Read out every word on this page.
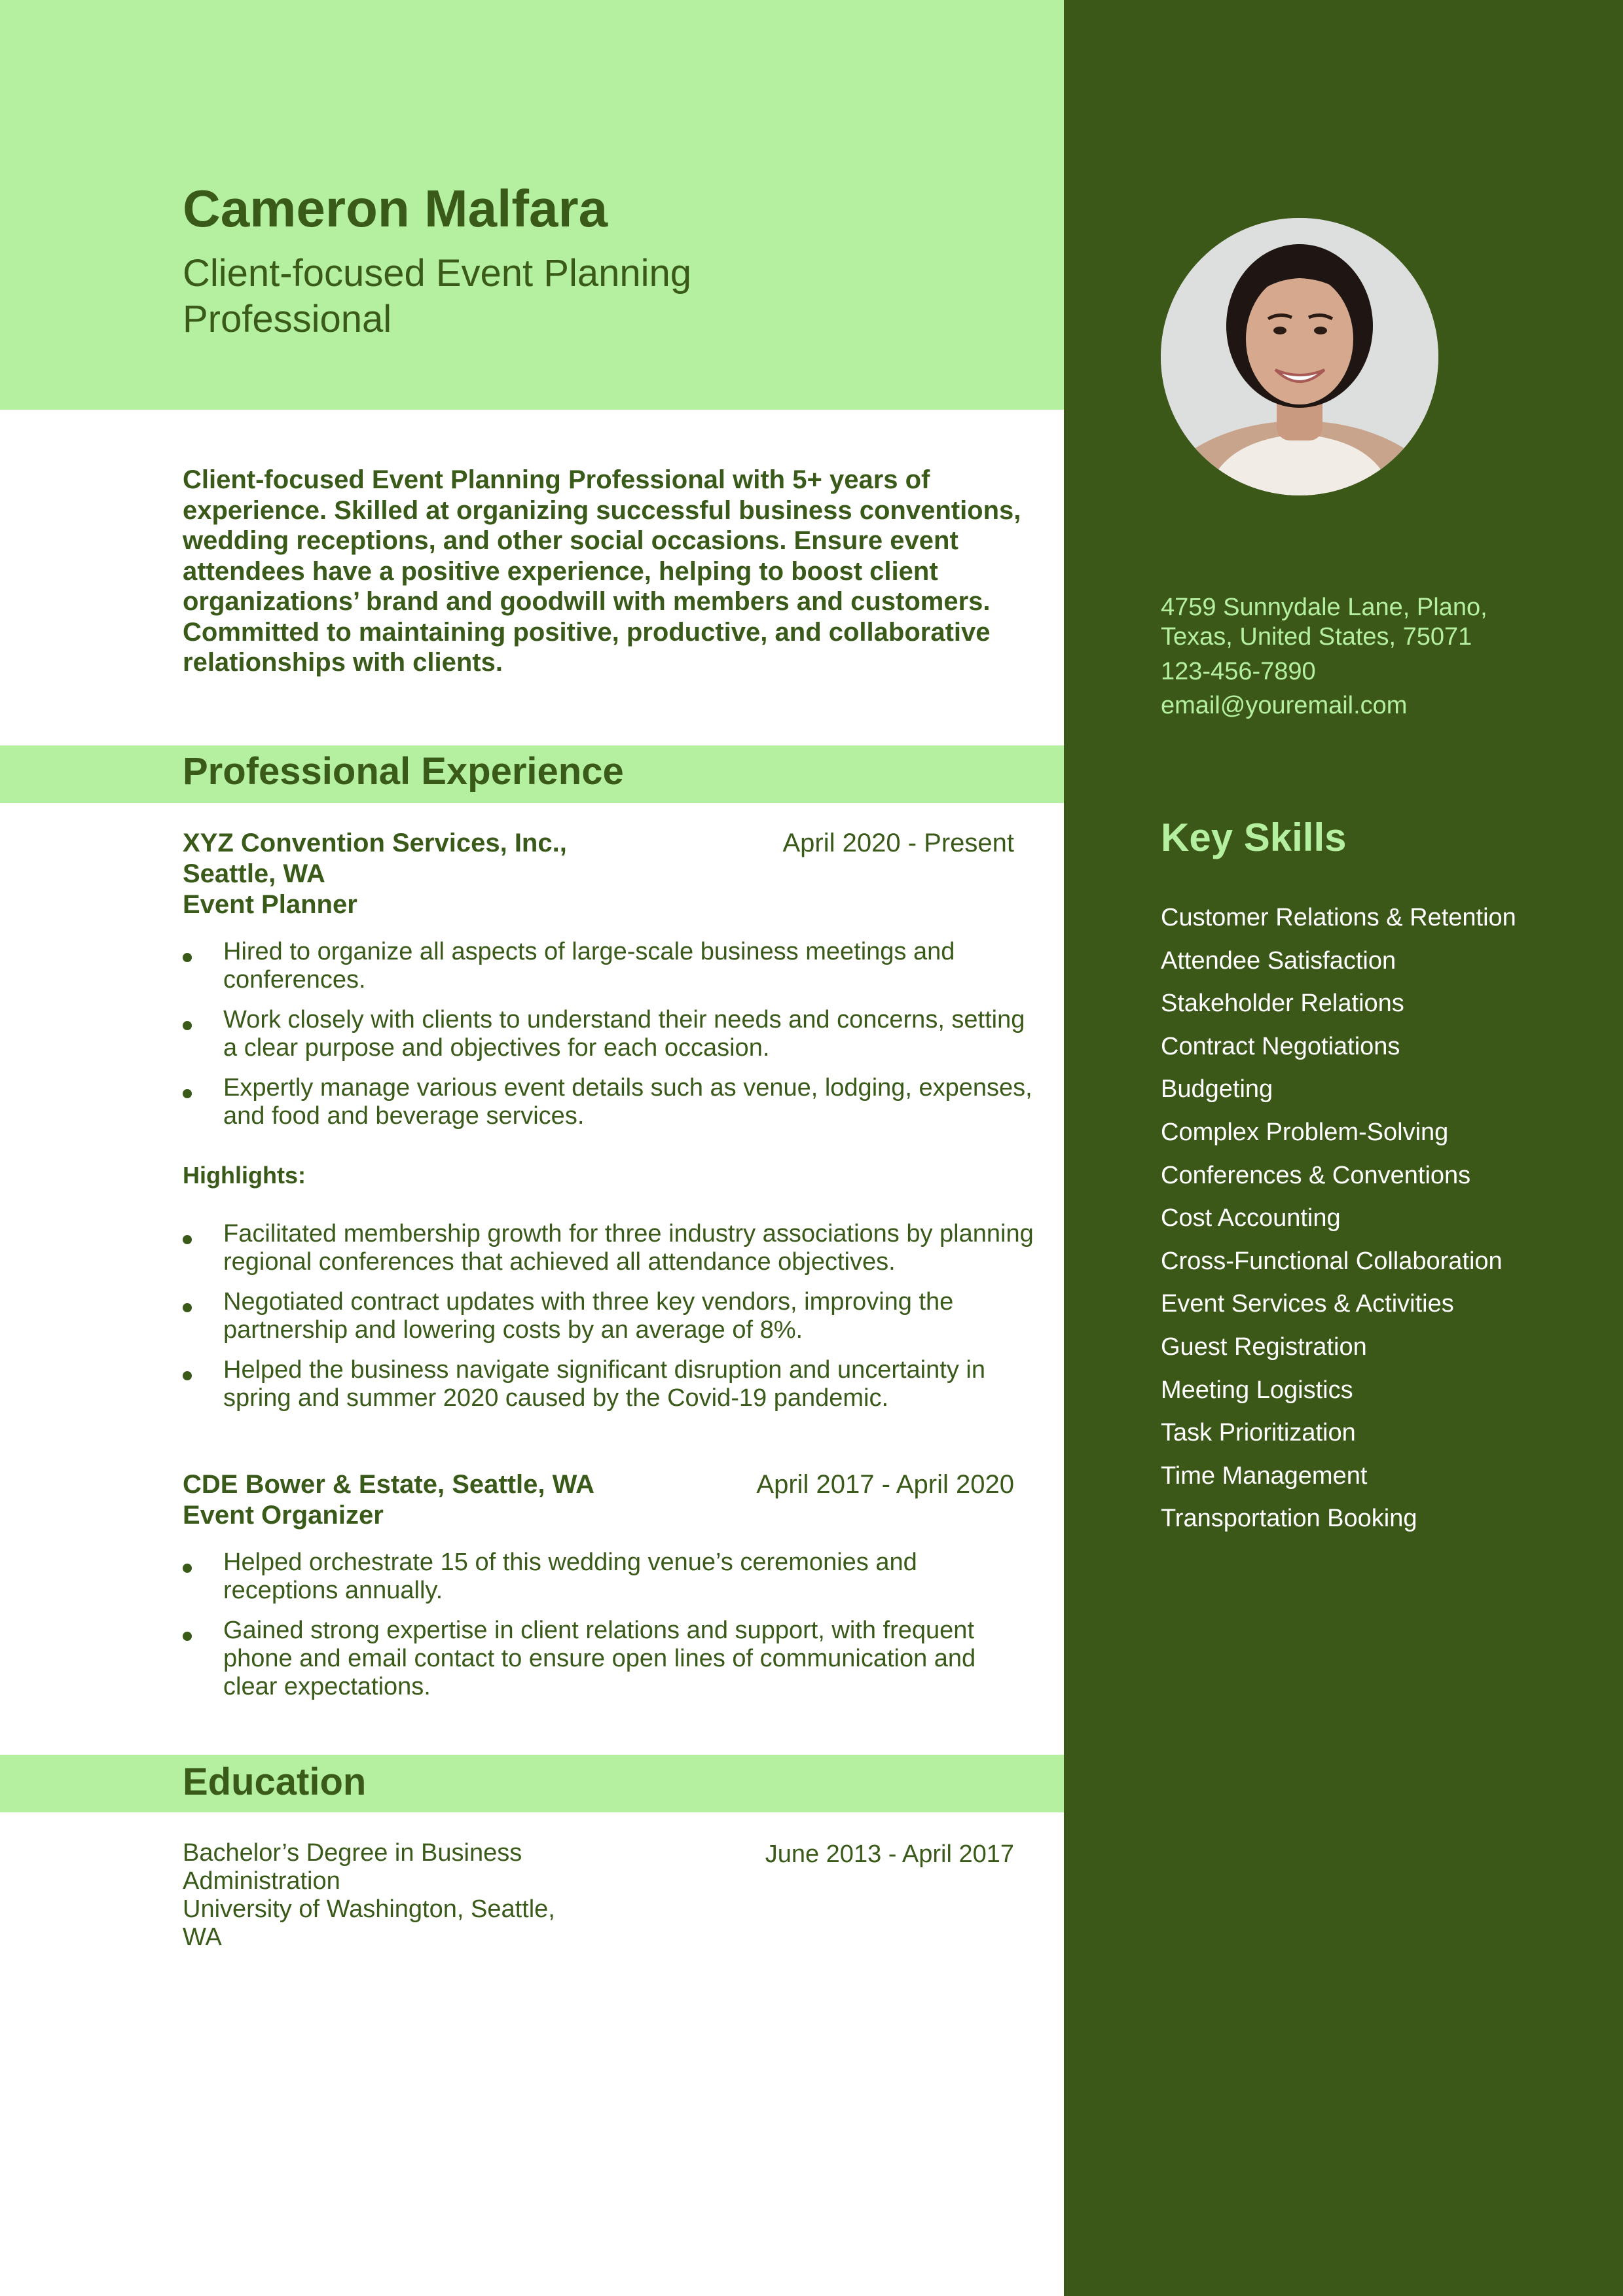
Cameron Malfara
Client-focused Event Planning
Professional

Client-focused Event Planning Professional with 5+ years of experience. Skilled at organizing successful business conventions, wedding receptions, and other social occasions. Ensure event attendees have a positive experience, helping to boost client organizations’ brand and goodwill with members and customers. Committed to maintaining positive, productive, and collaborative relationships with clients.

Professional Experience
XYZ Convention Services, Inc.,
Seattle, WA
Event Planner
April 2020 - Present
Hired to organize all aspects of large-scale business meetings and conferences.
Work closely with clients to understand their needs and concerns, setting a clear purpose and objectives for each occasion.
Expertly manage various event details such as venue, lodging, expenses, and food and beverage services.
Highlights:
Facilitated membership growth for three industry associations by planning regional conferences that achieved all attendance objectives.
Negotiated contract updates with three key vendors, improving the partnership and lowering costs by an average of 8%.
Helped the business navigate significant disruption and uncertainty in spring and summer 2020 caused by the Covid-19 pandemic.
CDE Bower & Estate, Seattle, WA
Event Organizer
April 2017 - April 2020
Helped orchestrate 15 of this wedding venue’s ceremonies and receptions annually.
Gained strong expertise in client relations and support, with frequent phone and email contact to ensure open lines of communication and clear expectations.
Education
Bachelor’s Degree in Business Administration
University of Washington, Seattle, WA
June 2013 - April 2017
4759 Sunnydale Lane, Plano,
Texas, United States, 75071
123-456-7890
email@youremail.com
Key Skills
Customer Relations & Retention
Attendee Satisfaction
Stakeholder Relations
Contract Negotiations
Budgeting
Complex Problem-Solving
Conferences & Conventions
Cost Accounting
Cross-Functional Collaboration
Event Services & Activities
Guest Registration
Meeting Logistics
Task Prioritization
Time Management
Transportation Booking
